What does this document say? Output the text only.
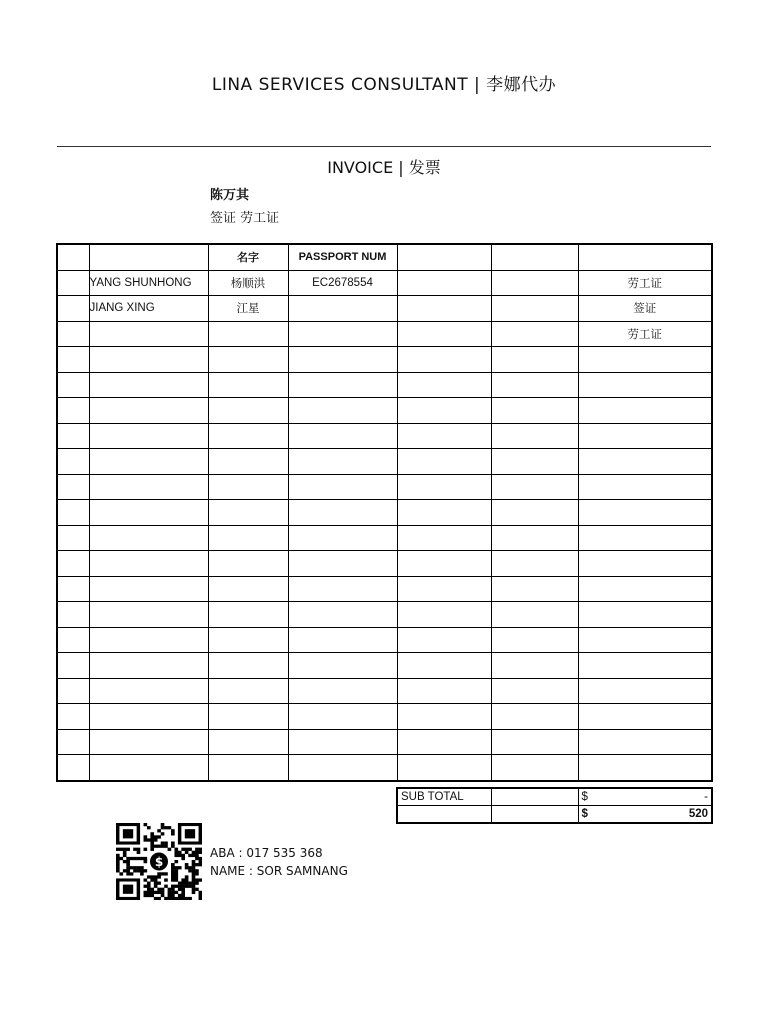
LINA SERVICES CONSULTANT | 李娜代办
INVOICE | 发票
陈万其
签证 劳工证
		名字	PASSPORT NUM			
	YANG SHUNHONG	杨顺洪	EC2678554			劳工证
	JIANG XING	江星				签证
						劳工证

SUB TOTAL		$ -

		$ 520
$
ABA : 017 535 368
NAME : SOR SAMNANG
